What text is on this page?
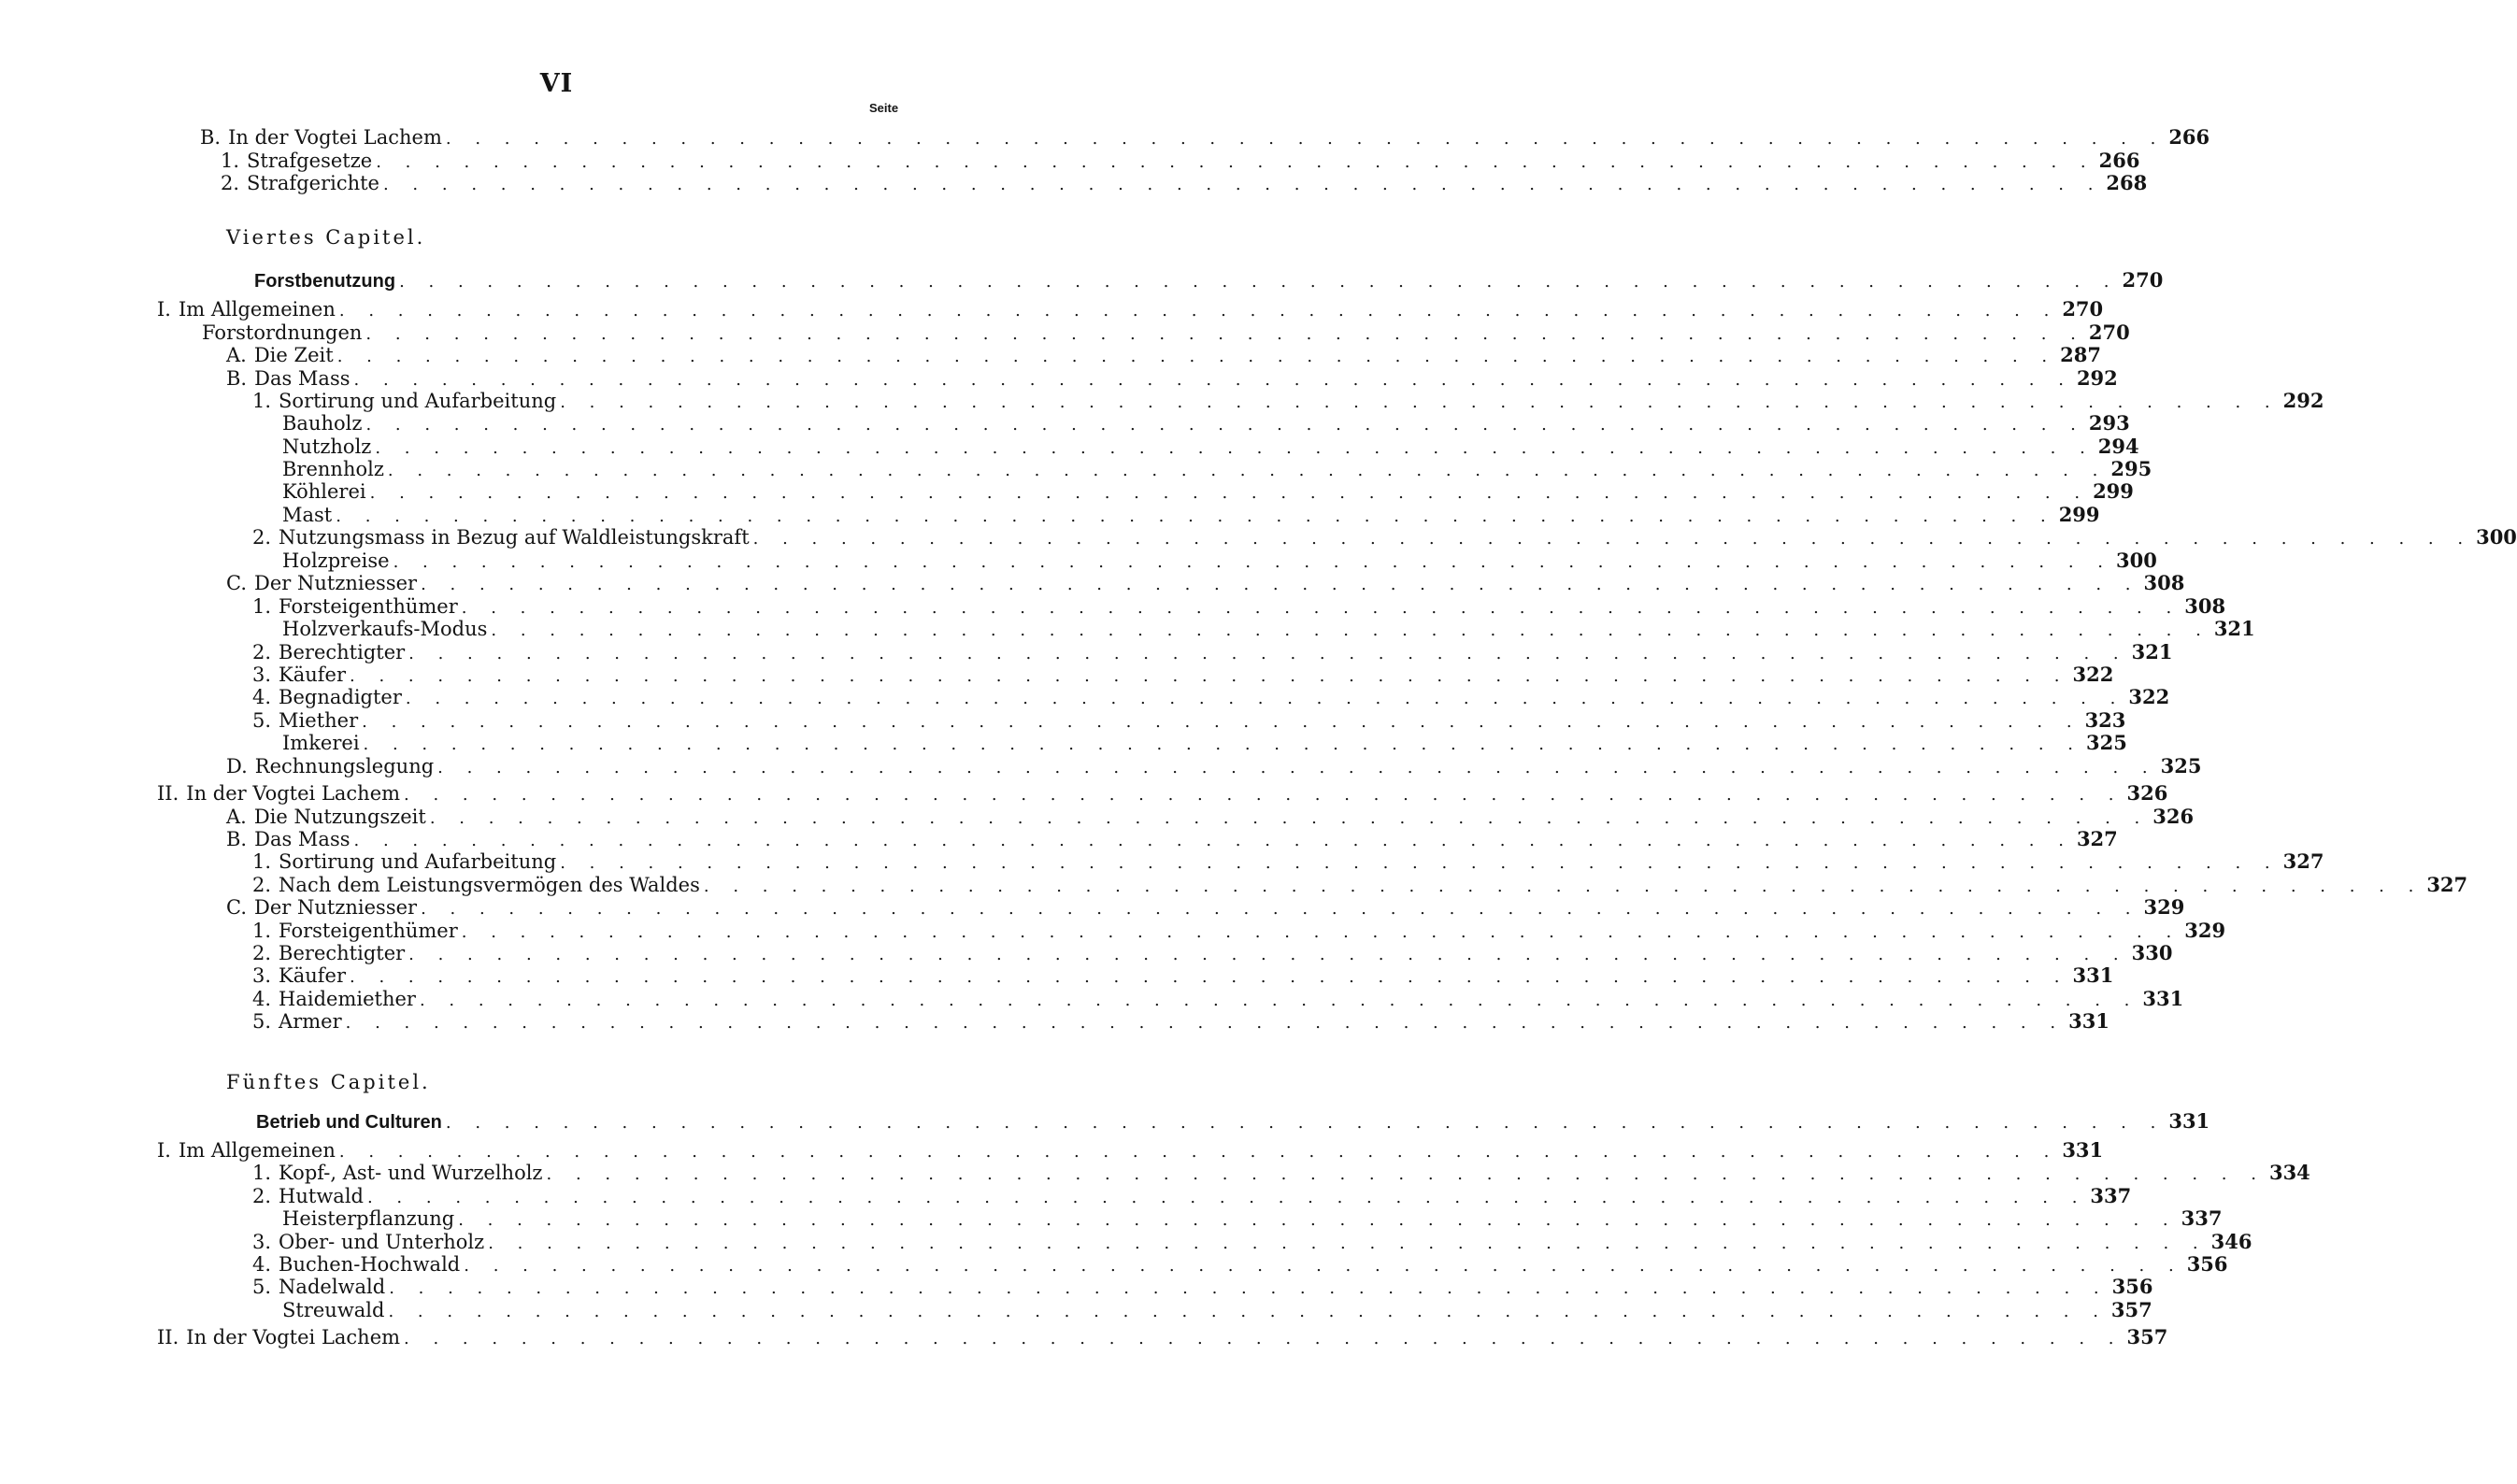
VI
Seite
Viertes Capitel.
Fünftes Capitel.
B. In der Vogtei Lachem . . . . . . . . . . . . . . . . . . . . . . . . . . . . . . . . . . . . . . . . . . . . . . . . . . . . . . . . . . . 266
1. Strafgesetze . . . . . . . . . . . . . . . . . . . . . . . . . . . . . . . . . . . . . . . . . . . . . . . . . . . . . . . . . . . 266
2. Strafgerichte . . . . . . . . . . . . . . . . . . . . . . . . . . . . . . . . . . . . . . . . . . . . . . . . . . . . . . . . . . . 268
Forstbenutzung . . . . . . . . . . . . . . . . . . . . . . . . . . . . . . . . . . . . . . . . . . . . . . . . . . . . . . . . . . . 270
I. Im Allgemeinen . . . . . . . . . . . . . . . . . . . . . . . . . . . . . . . . . . . . . . . . . . . . . . . . . . . . . . . . . . . 270
Forstordnungen . . . . . . . . . . . . . . . . . . . . . . . . . . . . . . . . . . . . . . . . . . . . . . . . . . . . . . . . . . . 270
A. Die Zeit . . . . . . . . . . . . . . . . . . . . . . . . . . . . . . . . . . . . . . . . . . . . . . . . . . . . . . . . . . . 287
B. Das Mass . . . . . . . . . . . . . . . . . . . . . . . . . . . . . . . . . . . . . . . . . . . . . . . . . . . . . . . . . . . 292
1. Sortirung und Aufarbeitung . . . . . . . . . . . . . . . . . . . . . . . . . . . . . . . . . . . . . . . . . . . . . . . . . . . . . . . . . . . 292
Bauholz . . . . . . . . . . . . . . . . . . . . . . . . . . . . . . . . . . . . . . . . . . . . . . . . . . . . . . . . . . . 293
Nutzholz . . . . . . . . . . . . . . . . . . . . . . . . . . . . . . . . . . . . . . . . . . . . . . . . . . . . . . . . . . . 294
Brennholz . . . . . . . . . . . . . . . . . . . . . . . . . . . . . . . . . . . . . . . . . . . . . . . . . . . . . . . . . . . 295
Köhlerei . . . . . . . . . . . . . . . . . . . . . . . . . . . . . . . . . . . . . . . . . . . . . . . . . . . . . . . . . . . 299
Mast . . . . . . . . . . . . . . . . . . . . . . . . . . . . . . . . . . . . . . . . . . . . . . . . . . . . . . . . . . . 299
2. Nutzungsmass in Bezug auf Waldleistungskraft . . . . . . . . . . . . . . . . . . . . . . . . . . . . . . . . . . . . . . . . . . . . . . . . . . . . . . . . . . . 300
Holzpreise . . . . . . . . . . . . . . . . . . . . . . . . . . . . . . . . . . . . . . . . . . . . . . . . . . . . . . . . . . . 300
C. Der Nutzniesser . . . . . . . . . . . . . . . . . . . . . . . . . . . . . . . . . . . . . . . . . . . . . . . . . . . . . . . . . . . 308
1. Forsteigenthümer . . . . . . . . . . . . . . . . . . . . . . . . . . . . . . . . . . . . . . . . . . . . . . . . . . . . . . . . . . . 308
Holzverkaufs-Modus . . . . . . . . . . . . . . . . . . . . . . . . . . . . . . . . . . . . . . . . . . . . . . . . . . . . . . . . . . . 321
2. Berechtigter . . . . . . . . . . . . . . . . . . . . . . . . . . . . . . . . . . . . . . . . . . . . . . . . . . . . . . . . . . . 321
3. Käufer . . . . . . . . . . . . . . . . . . . . . . . . . . . . . . . . . . . . . . . . . . . . . . . . . . . . . . . . . . . 322
4. Begnadigter . . . . . . . . . . . . . . . . . . . . . . . . . . . . . . . . . . . . . . . . . . . . . . . . . . . . . . . . . . . 322
5. Miether . . . . . . . . . . . . . . . . . . . . . . . . . . . . . . . . . . . . . . . . . . . . . . . . . . . . . . . . . . . 323
Imkerei . . . . . . . . . . . . . . . . . . . . . . . . . . . . . . . . . . . . . . . . . . . . . . . . . . . . . . . . . . . 325
D. Rechnungslegung . . . . . . . . . . . . . . . . . . . . . . . . . . . . . . . . . . . . . . . . . . . . . . . . . . . . . . . . . . . 325
II. In der Vogtei Lachem . . . . . . . . . . . . . . . . . . . . . . . . . . . . . . . . . . . . . . . . . . . . . . . . . . . . . . . . . . . 326
A. Die Nutzungszeit . . . . . . . . . . . . . . . . . . . . . . . . . . . . . . . . . . . . . . . . . . . . . . . . . . . . . . . . . . . 326
B. Das Mass . . . . . . . . . . . . . . . . . . . . . . . . . . . . . . . . . . . . . . . . . . . . . . . . . . . . . . . . . . . 327
1. Sortirung und Aufarbeitung . . . . . . . . . . . . . . . . . . . . . . . . . . . . . . . . . . . . . . . . . . . . . . . . . . . . . . . . . . . 327
2. Nach dem Leistungsvermögen des Waldes . . . . . . . . . . . . . . . . . . . . . . . . . . . . . . . . . . . . . . . . . . . . . . . . . . . . . . . . . . . 327
C. Der Nutzniesser . . . . . . . . . . . . . . . . . . . . . . . . . . . . . . . . . . . . . . . . . . . . . . . . . . . . . . . . . . . 329
1. Forsteigenthümer . . . . . . . . . . . . . . . . . . . . . . . . . . . . . . . . . . . . . . . . . . . . . . . . . . . . . . . . . . . 329
2. Berechtigter . . . . . . . . . . . . . . . . . . . . . . . . . . . . . . . . . . . . . . . . . . . . . . . . . . . . . . . . . . . 330
3. Käufer . . . . . . . . . . . . . . . . . . . . . . . . . . . . . . . . . . . . . . . . . . . . . . . . . . . . . . . . . . . 331
4. Haidemiether . . . . . . . . . . . . . . . . . . . . . . . . . . . . . . . . . . . . . . . . . . . . . . . . . . . . . . . . . . . 331
5. Armer . . . . . . . . . . . . . . . . . . . . . . . . . . . . . . . . . . . . . . . . . . . . . . . . . . . . . . . . . . . 331
Betrieb und Culturen . . . . . . . . . . . . . . . . . . . . . . . . . . . . . . . . . . . . . . . . . . . . . . . . . . . . . . . . . . . 331
I. Im Allgemeinen . . . . . . . . . . . . . . . . . . . . . . . . . . . . . . . . . . . . . . . . . . . . . . . . . . . . . . . . . . . 331
1. Kopf-, Ast- und Wurzelholz . . . . . . . . . . . . . . . . . . . . . . . . . . . . . . . . . . . . . . . . . . . . . . . . . . . . . . . . . . . 334
2. Hutwald . . . . . . . . . . . . . . . . . . . . . . . . . . . . . . . . . . . . . . . . . . . . . . . . . . . . . . . . . . . 337
Heisterpflanzung . . . . . . . . . . . . . . . . . . . . . . . . . . . . . . . . . . . . . . . . . . . . . . . . . . . . . . . . . . . 337
3. Ober- und Unterholz . . . . . . . . . . . . . . . . . . . . . . . . . . . . . . . . . . . . . . . . . . . . . . . . . . . . . . . . . . . 346
4. Buchen-Hochwald . . . . . . . . . . . . . . . . . . . . . . . . . . . . . . . . . . . . . . . . . . . . . . . . . . . . . . . . . . . 356
5. Nadelwald . . . . . . . . . . . . . . . . . . . . . . . . . . . . . . . . . . . . . . . . . . . . . . . . . . . . . . . . . . . 356
Streuwald . . . . . . . . . . . . . . . . . . . . . . . . . . . . . . . . . . . . . . . . . . . . . . . . . . . . . . . . . . . 357
II. In der Vogtei Lachem . . . . . . . . . . . . . . . . . . . . . . . . . . . . . . . . . . . . . . . . . . . . . . . . . . . . . . . . . . . 357
